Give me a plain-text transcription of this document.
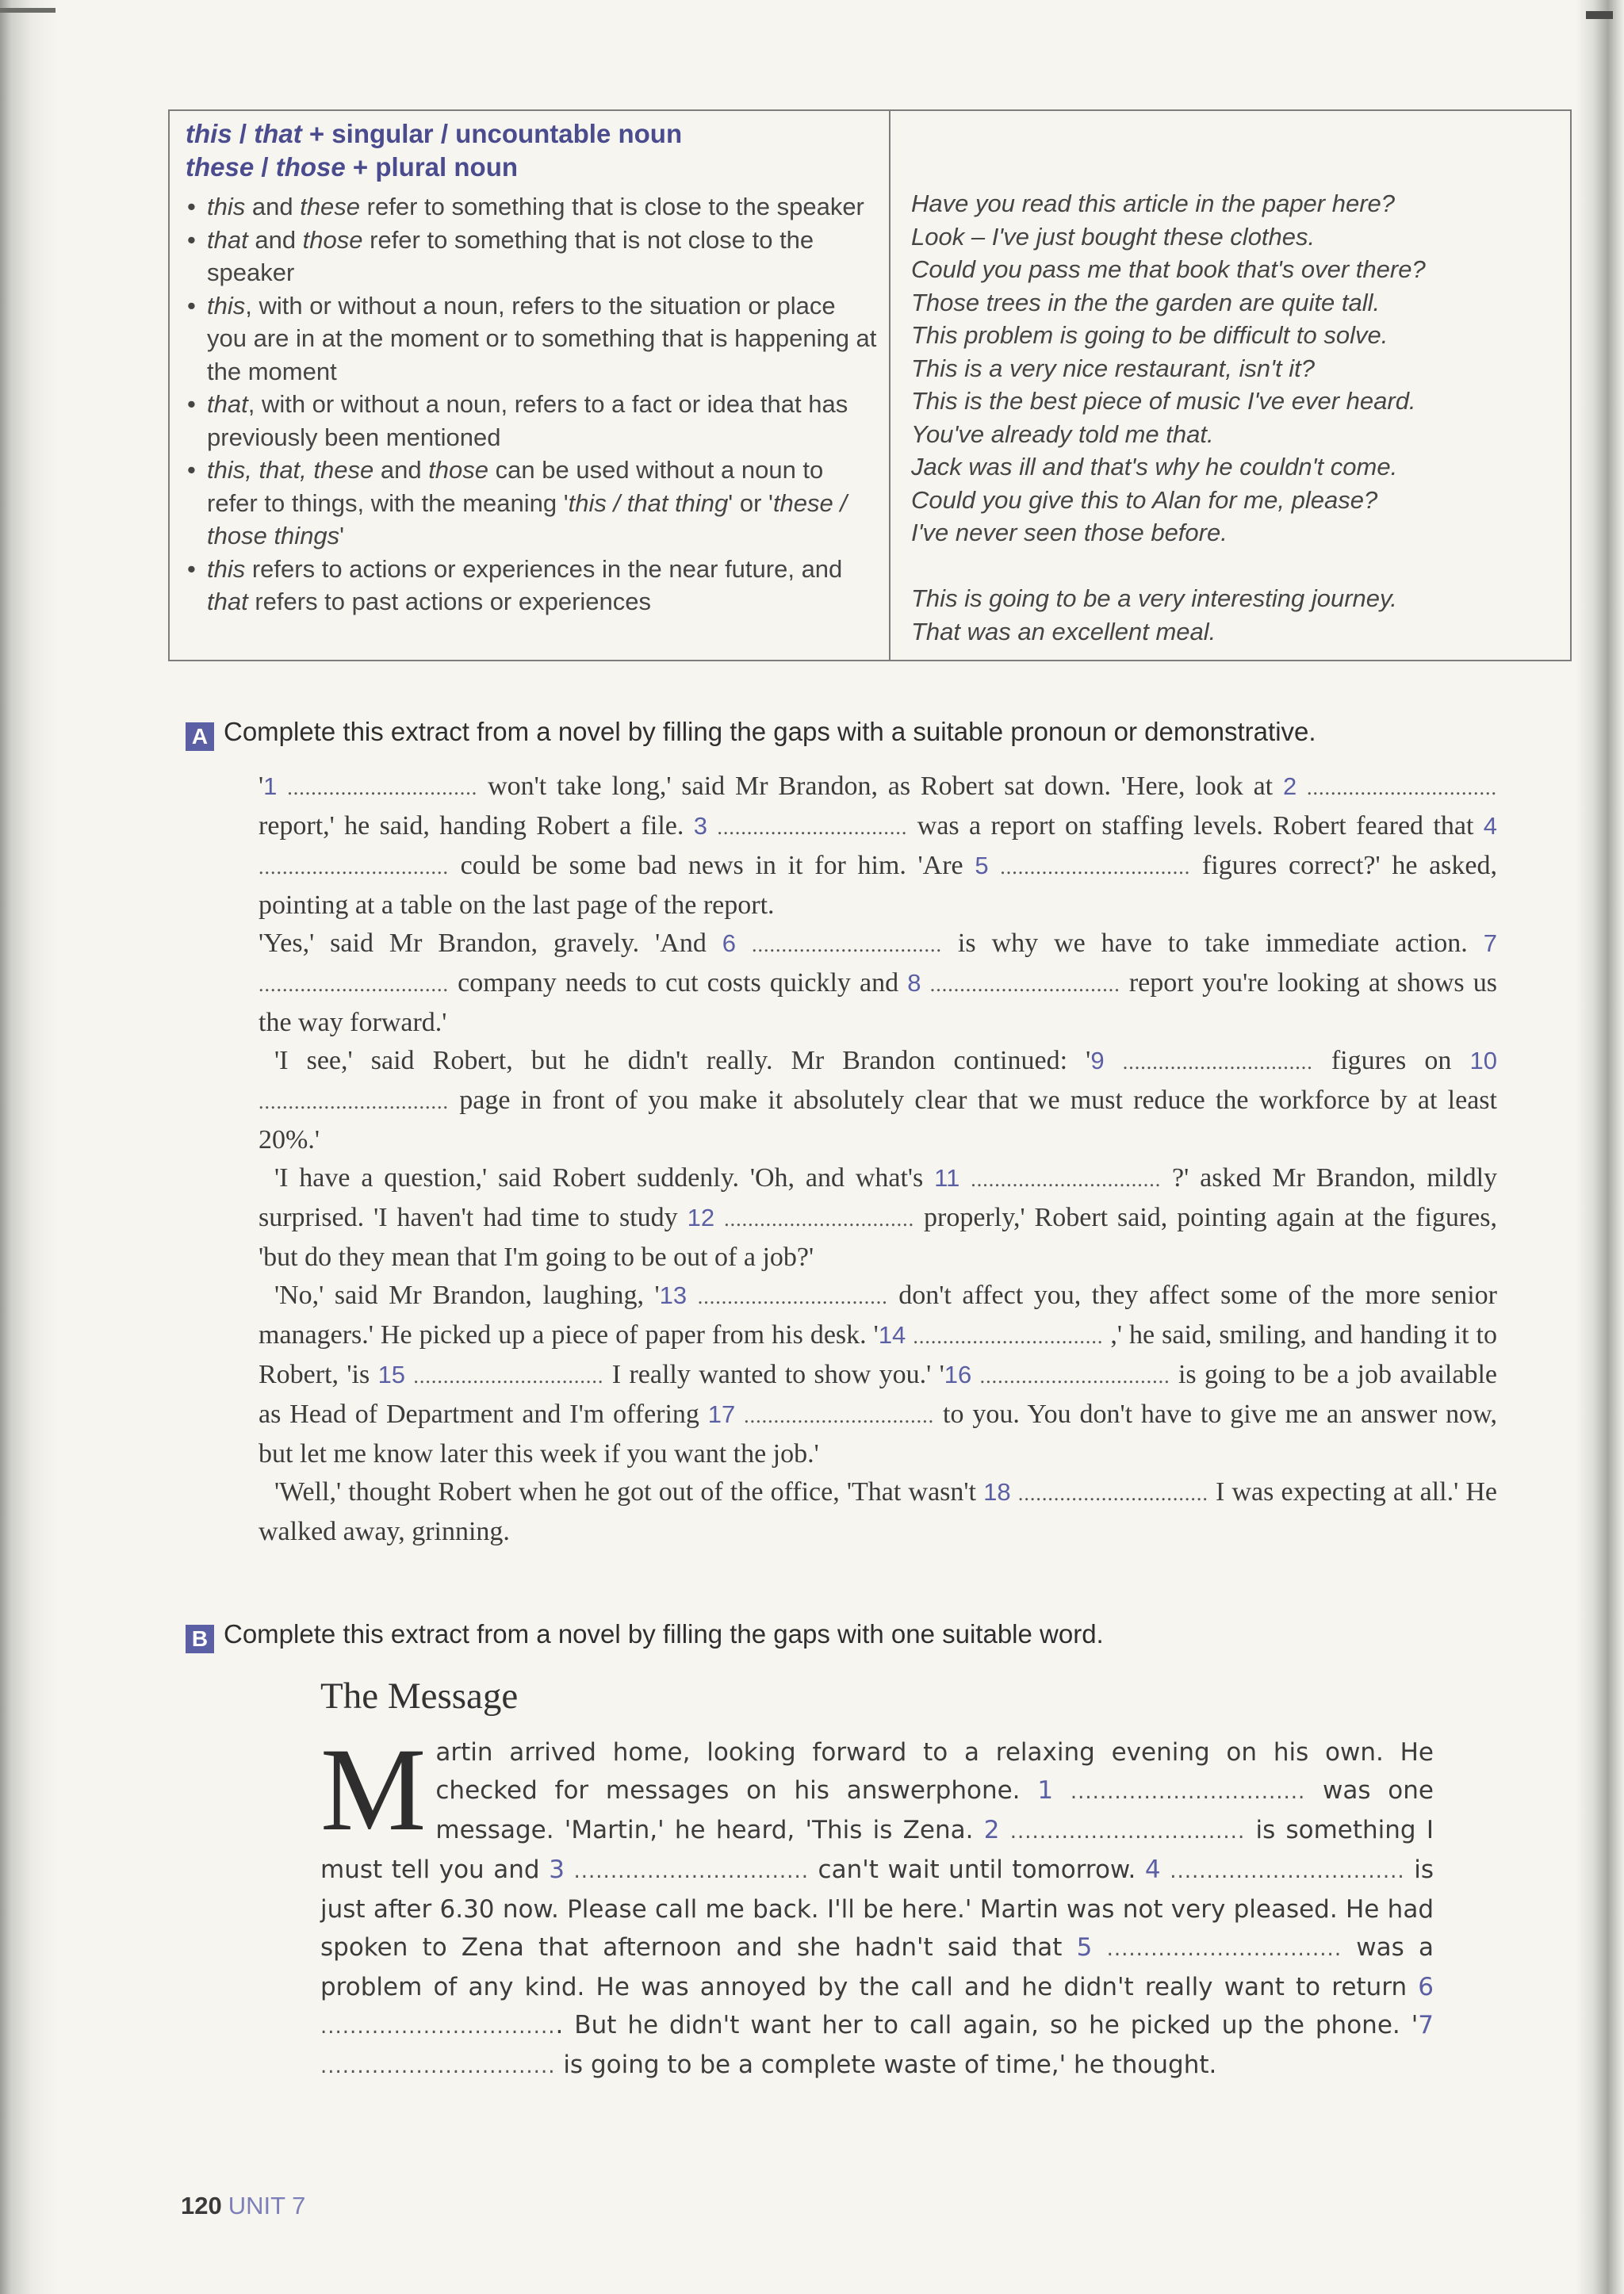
this / that + singular / uncountable noun
these / those + plural noun
• this and these refer to something that is close to the speaker
• that and those refer to something that is not close to the speaker
• this, with or without a noun, refers to the situation or place you are in at the moment or to something that is happening at the moment
• that, with or without a noun, refers to a fact or idea that has previously been mentioned
• this, that, these and those can be used without a noun to refer to things, with the meaning 'this / that thing' or 'these / those things'
• this refers to actions or experiences in the near future, and that refers to past actions or experiences
Have you read this article in the paper here?
Look – I've just bought these clothes.
Could you pass me that book that's over there?
Those trees in the the garden are quite tall.
This problem is going to be difficult to solve.
This is a very nice restaurant, isn't it?
This is the best piece of music I've ever heard.
You've already told me that.
Jack was ill and that's why he couldn't come.
Could you give this to Alan for me, please?
I've never seen those before.
This is going to be a very interesting journey.
That was an excellent meal.
A Complete this extract from a novel by filling the gaps with a suitable pronoun or demonstrative.

'1 ................................ won't take long,' said Mr Brandon, as Robert sat down. 'Here, look at 2 ................................ report,' he said, handing Robert a file. 3 ................................ was a report on staffing levels. Robert feared that 4 ................................ could be some bad news in it for him. 'Are 5 ................................ figures correct?' he asked, pointing at a table on the last page of the report.

'Yes,' said Mr Brandon, gravely. 'And 6 ................................ is why we have to take immediate action. 7 ................................ company needs to cut costs quickly and 8 ................................ report you're looking at shows us the way forward.'

'I see,' said Robert, but he didn't really. Mr Brandon continued: '9 ................................ figures on 10 ................................ page in front of you make it absolutely clear that we must reduce the workforce by at least 20%.'

'I have a question,' said Robert suddenly. 'Oh, and what's 11 ................................ ?' asked Mr Brandon, mildly surprised. 'I haven't had time to study 12 ................................ properly,' Robert said, pointing again at the figures, 'but do they mean that I'm going to be out of a job?'

'No,' said Mr Brandon, laughing, '13 ................................ don't affect you, they affect some of the more senior managers.' He picked up a piece of paper from his desk. '14 ................................ ,' he said, smiling, and handing it to Robert, 'is 15 ................................ I really wanted to show you.' '16 ................................ is going to be a job available as Head of Department and I'm offering 17 ................................ to you. You don't have to give me an answer now, but let me know later this week if you want the job.'

'Well,' thought Robert when he got out of the office, 'That wasn't 18 ................................ I was expecting at all.' He walked away, grinning.

B Complete this extract from a novel by filling the gaps with one suitable word.
The Message
Martin arrived home, looking forward to a relaxing evening on his own. He checked for messages on his answerphone. 1 ................................ was one message. 'Martin,' he heard, 'This is Zena. 2 ................................ is something I must tell you and 3 ................................ can't wait until tomorrow. 4 ................................ is just after 6.30 now. Please call me back. I'll be here.' Martin was not very pleased. He had spoken to Zena that afternoon and she hadn't said that 5 ................................ was a problem of any kind. He was annoyed by the call and he didn't really want to return 6 ................................. But he didn't want her to call again, so he picked up the phone. '7 ................................ is going to be a complete waste of time,' he thought.
120 UNIT 7
